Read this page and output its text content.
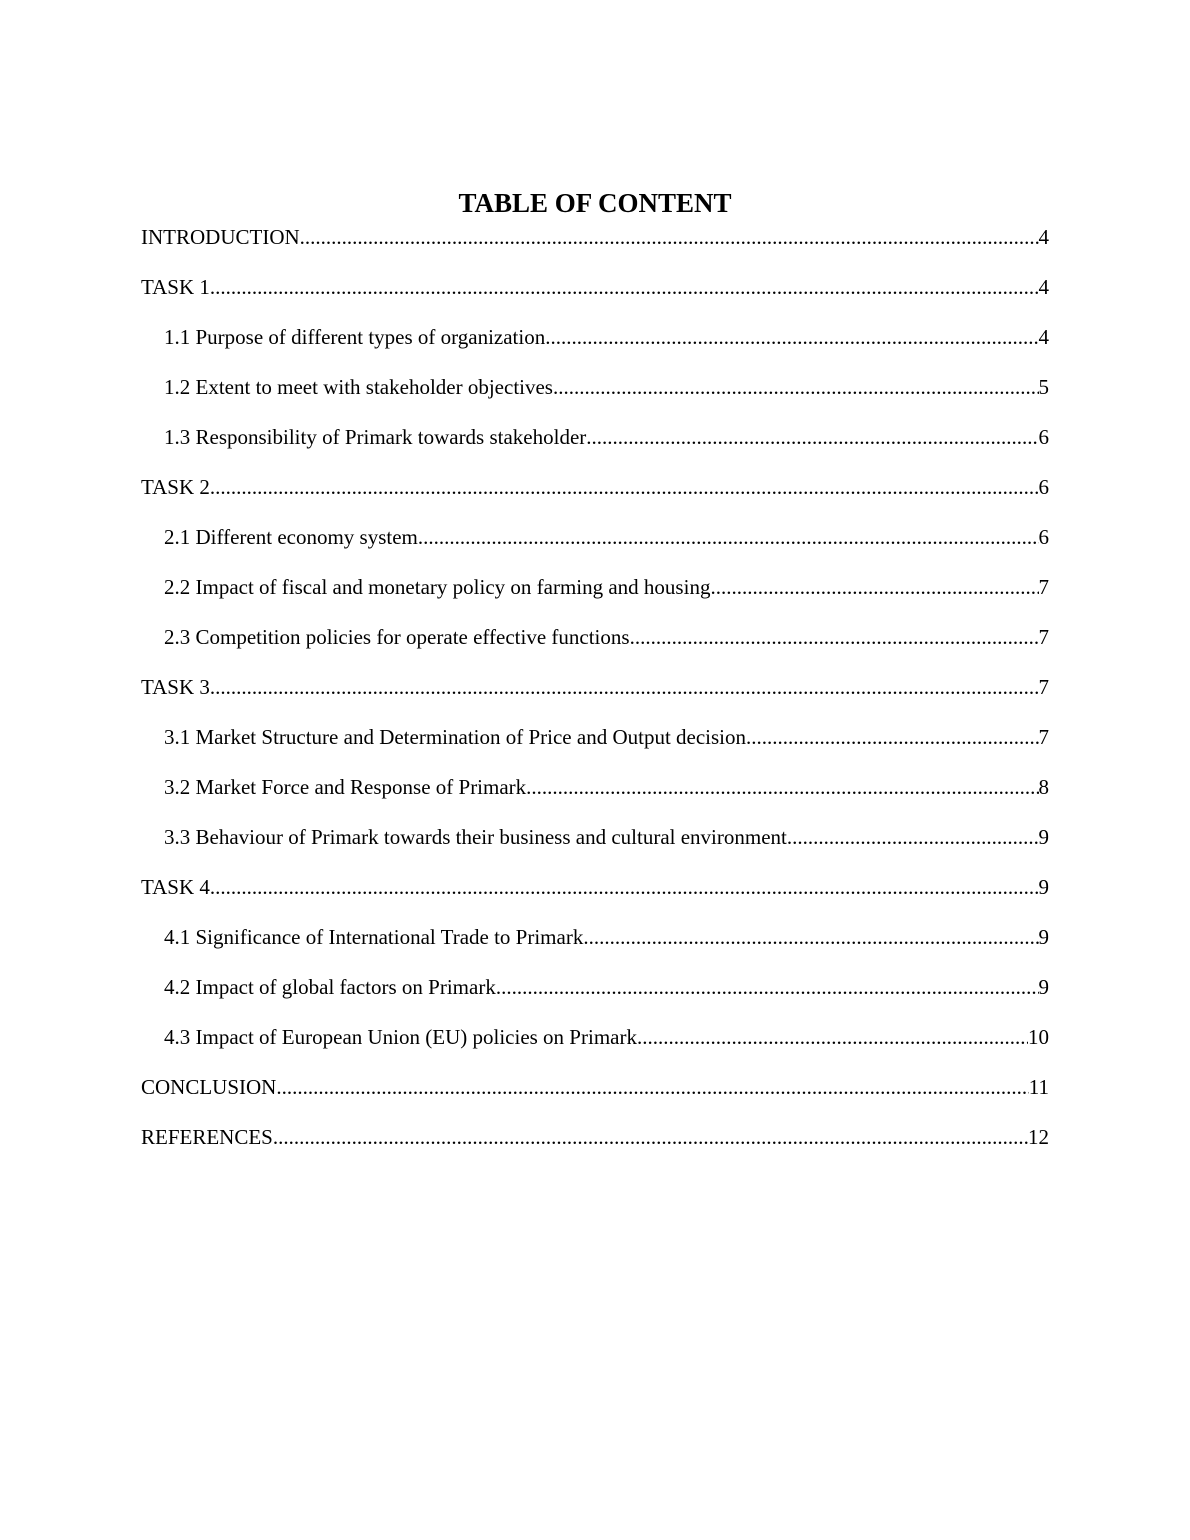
TABLE OF CONTENT
INTRODUCTION .....	4
TASK 1 .....	4
1.1 Purpose of different types of organization .....	4
1.2 Extent to meet with stakeholder objectives .....	5
1.3 Responsibility of Primark towards stakeholder .....	6
TASK 2 .....	6
2.1 Different economy system .....	6
2.2 Impact of fiscal and monetary policy on farming and housing .....	7
2.3 Competition policies for operate effective functions .....	7
TASK 3 .....	7
3.1 Market Structure and Determination of Price and Output decision .....	7
3.2 Market Force and Response of Primark .....	8
3.3 Behaviour of Primark towards their business and cultural environment .....	9
TASK 4 .....	9
4.1 Significance of International Trade to Primark .....	9
4.2 Impact of global factors on Primark .....	9
4.3 Impact of European Union (EU) policies on Primark .....	10
CONCLUSION .....	11
REFERENCES .....	12
